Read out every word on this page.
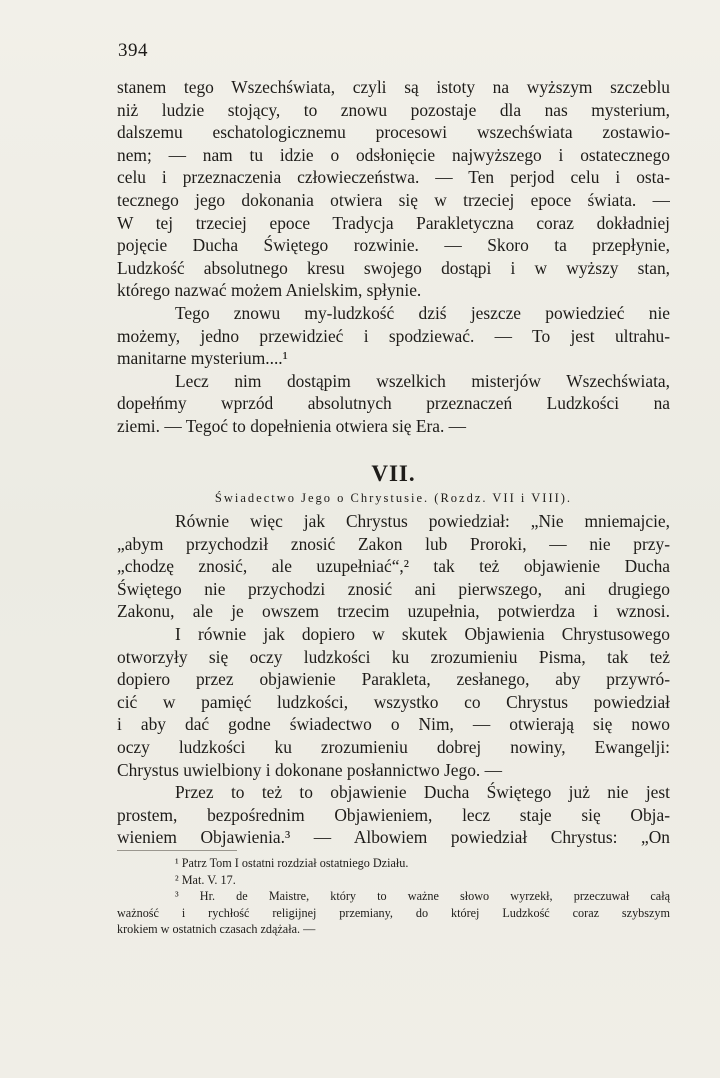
394
stanem tego Wszechświata, czyli są istoty na wyższym szczeblu
niż ludzie stojący, to znowu pozostaje dla nas mysterium,
dalszemu eschatologicznemu procesowi wszechświata zostawio-
nem; — nam tu idzie o odsłonięcie najwyższego i ostatecznego
celu i przeznaczenia człowieczeństwa. — Ten perjod celu i osta-
tecznego jego dokonania otwiera się w trzeciej epoce świata. —
W tej trzeciej epoce Tradycja Parakletyczna coraz dokładniej
pojęcie Ducha Świętego rozwinie. — Skoro ta przepłynie,
Ludzkość absolutnego kresu swojego dostąpi i w wyższy stan,
którego nazwać możem Anielskim, spłynie.
Tego znowu my-ludzkość dziś jeszcze powiedzieć nie
możemy, jedno przewidzieć i spodziewać. — To jest ultrahu-
manitarne mysterium....¹
Lecz nim dostąpim wszelkich misterjów Wszechświata,
dopełńmy wprzód absolutnych przeznaczeń Ludzkości na
ziemi. — Tegoć to dopełnienia otwiera się Era. —
VII.
Świadectwo Jego o Chrystusie. (Rozdz. VII i VIII).
Równie więc jak Chrystus powiedział: „Nie mniemajcie,
„abym przychodził znosić Zakon lub Proroki, — nie przy-
„chodzę znosić, ale uzupełniać“,² tak też objawienie Ducha
Świętego nie przychodzi znosić ani pierwszego, ani drugiego
Zakonu, ale je owszem trzecim uzupełnia, potwierdza i wznosi.
I równie jak dopiero w skutek Objawienia Chrystusowego
otworzyły się oczy ludzkości ku zrozumieniu Pisma, tak też
dopiero przez objawienie Parakleta, zesłanego, aby przywró-
cić w pamięć ludzkości, wszystko co Chrystus powiedział
i aby dać godne świadectwo o Nim, — otwierają się nowo
oczy ludzkości ku zrozumieniu dobrej nowiny, Ewangelji:
Chrystus uwielbiony i dokonane posłannictwo Jego. —
Przez to też to objawienie Ducha Świętego już nie jest
prostem, bezpośrednim Objawieniem, lecz staje się Obja-
wieniem Objawienia.³ — Albowiem powiedział Chrystus: „On
¹ Patrz Tom I ostatni rozdział ostatniego Działu.
² Mat. V. 17.
³ Hr. de Maistre, który to ważne słowo wyrzekł, przeczuwał całą
ważność i rychłość religijnej przemiany, do której Ludzkość coraz szybszym
krokiem w ostatnich czasach zdążała. —
